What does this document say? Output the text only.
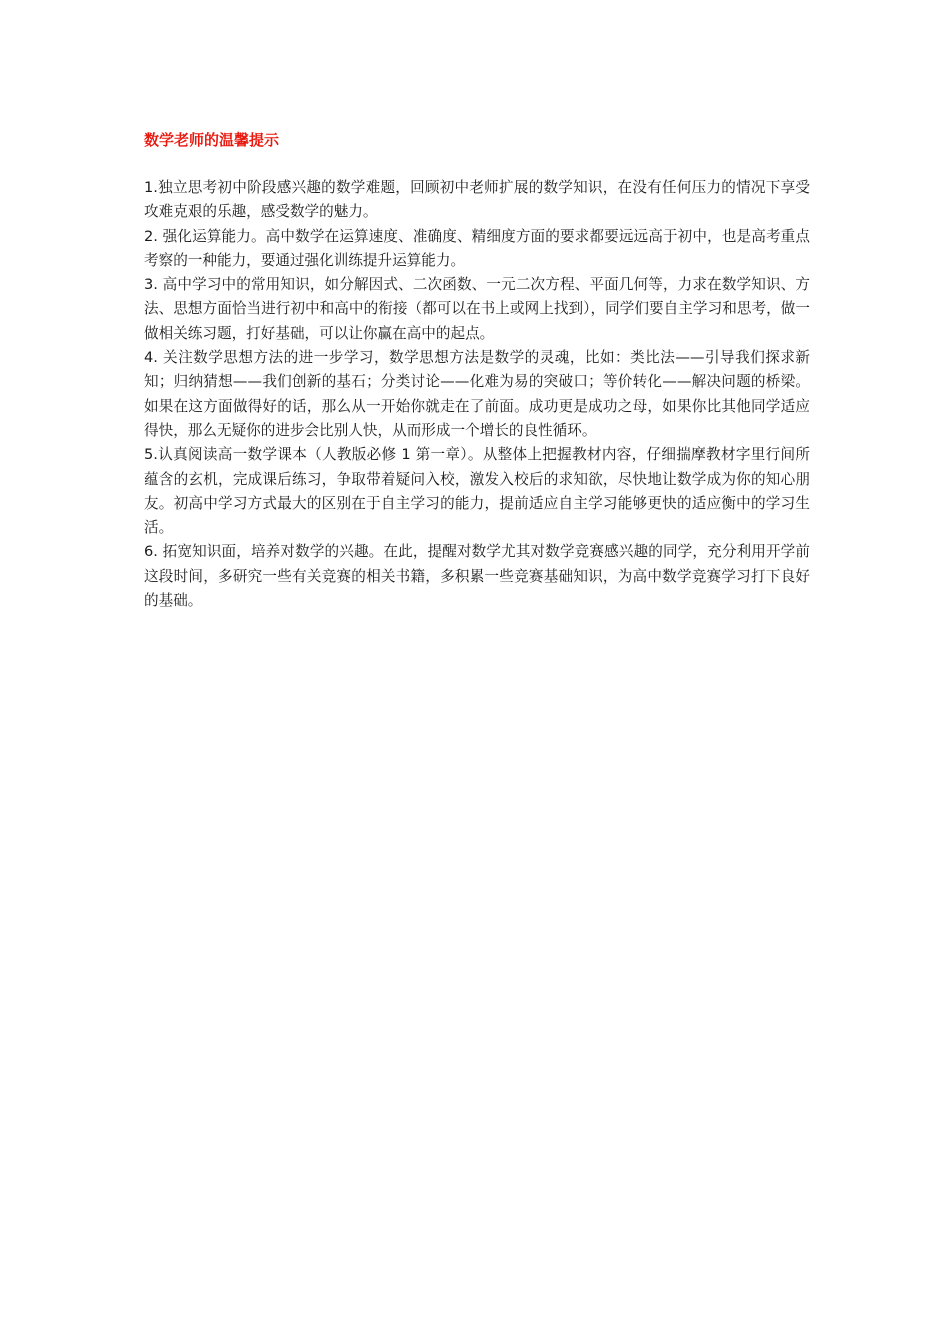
数学老师的温馨提示

1.独立思考初中阶段感兴趣的数学难题，回顾初中老师扩展的数学知识，在没有任何压力的情况下享受攻难克艰的乐趣，感受数学的魅力。

2. 强化运算能力。高中数学在运算速度、准确度、精细度方面的要求都要远远高于初中，也是高考重点考察的一种能力，要通过强化训练提升运算能力。

3. 高中学习中的常用知识，如分解因式、二次函数、一元二次方程、平面几何等，力求在数学知识、方法、思想方面恰当进行初中和高中的衔接（都可以在书上或网上找到），同学们要自主学习和思考，做一做相关练习题，打好基础，可以让你赢在高中的起点。

4. 关注数学思想方法的进一步学习，数学思想方法是数学的灵魂，比如：类比法——引导我们探求新知；归纳猜想——我们创新的基石；分类讨论——化难为易的突破口；等价转化——解决问题的桥梁。如果在这方面做得好的话，那么从一开始你就走在了前面。成功更是成功之母，如果你比其他同学适应得快，那么无疑你的进步会比别人快，从而形成一个增长的良性循环。

5.认真阅读高一数学课本（人教版必修 1 第一章）。从整体上把握教材内容，仔细揣摩教材字里行间所蕴含的玄机，完成课后练习，争取带着疑问入校，激发入校后的求知欲，尽快地让数学成为你的知心朋友。初高中学习方式最大的区别在于自主学习的能力，提前适应自主学习能够更快的适应衡中的学习生活。

6. 拓宽知识面，培养对数学的兴趣。在此，提醒对数学尤其对数学竞赛感兴趣的同学，充分利用开学前这段时间，多研究一些有关竞赛的相关书籍，多积累一些竞赛基础知识，为高中数学竞赛学习打下良好的基础。
